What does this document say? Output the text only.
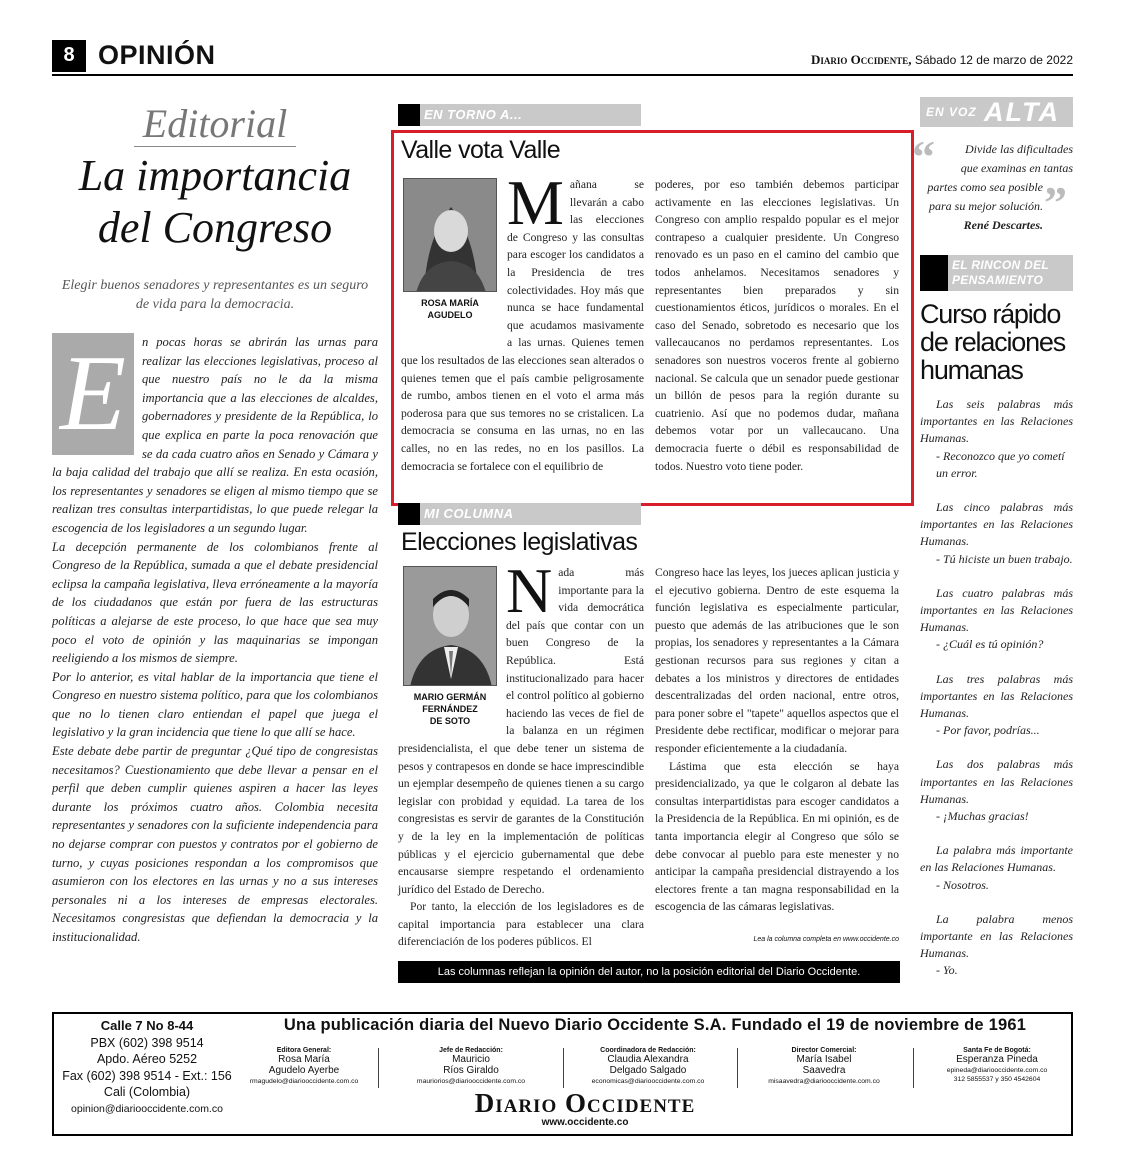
8 OPINIÓN	Diario Occidente, Sábado 12 de marzo de 2022
Editorial
La importancia
del Congreso
Elegir buenos senadores y representantes es un seguro de vida para la democracia.
E	n pocas horas se abrirán las urnas para realizar las elecciones legislativas, proceso al que nuestro país no le da la misma importancia que a las elecciones de alcaldes, gobernadores y presidente de la República, lo que explica en parte la poca renovación que se da cada cuatro años en Senado y Cámara y la baja calidad del trabajo que allí se realiza. En esta ocasión, los representantes y senadores se eligen al mismo tiempo que se realizan tres consultas interpartidistas, lo que puede relegar la escogencia de los legisladores a un segundo lugar.

La decepción permanente de los colombianos frente al Congreso de la República, sumada a que el debate presidencial eclipsa la campaña legislativa, lleva erróneamente a la mayoría de los ciudadanos que están por fuera de las estructuras políticas a alejarse de este proceso, lo que hace que sea muy poco el voto de opinión y las maquinarias se impongan reeligiendo a los mismos de siempre.

Por lo anterior, es vital hablar de la importancia que tiene el Congreso en nuestro sistema político, para que los colombianos que no lo tienen claro entiendan el papel que juega el legislativo y la gran incidencia que tiene lo que allí se hace.

Este debate debe partir de preguntar ¿Qué tipo de congresistas necesitamos? Cuestionamiento que debe llevar a pensar en el perfil que deben cumplir quienes aspiren a hacer las leyes durante los próximos cuatro años. Colombia necesita representantes y senadores con la suficiente independencia para no dejarse comprar con puestos y contratos por el gobierno de turno, y cuyas posiciones respondan a los compromisos que asumieron con los electores en las urnas y no a sus intereses personales ni a los intereses de empresas electorales. Necesitamos congresistas que defiendan la democracia y la institucionalidad.

EN TORNO A...
Valle vota Valle
ROSA MARÍA
AGUDELO
Mañana se llevarán a cabo las elecciones de Congreso y las consultas para escoger los candidatos a la Presidencia de tres colectividades. Hoy más que nunca se hace fundamental que acudamos masivamente a las urnas. Quienes temen que los resultados de las elecciones sean alterados o quienes temen que el país cambie peligrosamente de rumbo, ambos tienen en el voto el arma más poderosa para que sus temores no se cristalicen. La democracia se consuma en las urnas, no en las calles, no en las redes, no en los pasillos. La democracia se fortalece con el equilibrio de
poderes, por eso también debemos participar activamente en las elecciones legislativas. Un Congreso con amplio respaldo popular es el mejor contrapeso a cualquier presidente. Un Congreso renovado es un paso en el camino del cambio que todos anhelamos. Necesitamos senadores y representantes bien preparados y sin cuestionamientos éticos, jurídicos o morales. En el caso del Senado, sobretodo es necesario que los vallecaucanos no perdamos representantes. Los senadores son nuestros voceros frente al gobierno nacional. Se calcula que un senador puede gestionar un billón de pesos para la región durante su cuatrienio. Así que no podemos dudar, mañana debemos votar por un vallecaucano. Una democracia fuerte o débil es responsabilidad de todos. Nuestro voto tiene poder.
MI COLUMNA
Elecciones legislativas
MARIO GERMÁN
FERNÁNDEZ
DE SOTO

Nada más importante para la vida democrática del país que contar con un buen Congreso de la República. Está institucionalizado para hacer el control político al gobierno haciendo las veces de fiel de la balanza en un régimen presidencialista, el que debe tener un sistema de pesos y contrapesos en donde se hace imprescindible un ejemplar desempeño de quienes tienen a su cargo legislar con probidad y equidad. La tarea de los congresistas es servir de garantes de la Constitución y de la ley en la implementación de políticas públicas y el ejercicio gubernamental que debe encausarse siempre respetando el ordenamiento jurídico del Estado de Derecho.

Por tanto, la elección de los legisladores es de capital importancia para establecer una clara diferenciación de los poderes públicos. El

Congreso hace las leyes, los jueces aplican justicia y el ejecutivo gobierna. Dentro de este esquema la función legislativa es especialmente particular, puesto que además de las atribuciones que le son propias, los senadores y representantes a la Cámara gestionan recursos para sus regiones y citan a debates a los ministros y directores de entidades descentralizadas del orden nacional, entre otros, para poner sobre el "tapete" aquellos aspectos que el Presidente debe rectificar, modificar o mejorar para responder eficientemente a la ciudadanía.

Lástima que esta elección se haya presidencializado, ya que le colgaron al debate las consultas interpartidistas para escoger candidatos a la Presidencia de la República. En mi opinión, es de tanta importancia elegir al Congreso que sólo se debe convocar al pueblo para este menester y no anticipar la campaña presidencial distrayendo a los electores frente a tan magna responsabilidad en la escogencia de las cámaras legislativas.

Lea la columna completa en www.occidente.co
EN VOZ ALTA
“
”
Divide las dificultades
que examinas en tantas
partes como sea posible
para su mejor solución.
René Descartes.
EL RINCON DEL
PENSAMIENTO
Curso rápido
de relaciones
humanas
Las seis palabras más importantes en las Relaciones Humanas.
- Reconozco que yo cometí un error.
Las cinco palabras más importantes en las Relaciones Humanas.
- Tú hiciste un buen trabajo.
Las cuatro palabras más importantes en las Relaciones Humanas.
- ¿Cuál es tú opinión?
Las tres palabras más importantes en las Relaciones Humanas.
- Por favor, podrías...
Las dos palabras más importantes en las Relaciones Humanas.
- ¡Muchas gracias!
La palabra más importante en las Relaciones Humanas.
- Nosotros.
La palabra menos importante en las Relaciones Humanas.
- Yo.
Las columnas reflejan la opinión del autor, no la posición editorial del Diario Occidente.
Calle 7 No 8-44
PBX (602) 398 9514
Apdo. Aéreo 5252
Fax (602) 398 9514 - Ext.: 156
Cali (Colombia)
opinion@diariooccidente.com.co
Una publicación diaria del Nuevo Diario Occidente S.A. Fundado el 19 de noviembre de 1961
Editora General:
Rosa María
Agudelo Ayerbe
rmagudelo@diariooccidente.com.co
Jefe de Redacción:
Mauricio
Ríos Giraldo
mauriorios@diariooccidente.com.co
Coordinadora de Redacción:
Claudia Alexandra
Delgado Salgado
economicas@diariooccidente.com.co
Director Comercial:
María Isabel
Saavedra
misaavedra@diariooccidente.com.co
Santa Fe de Bogotá:
Esperanza Pineda
epineda@diariooccidente.com.co
312 5855537 y 350 4542604
Diario Occidente
www.occidente.co
